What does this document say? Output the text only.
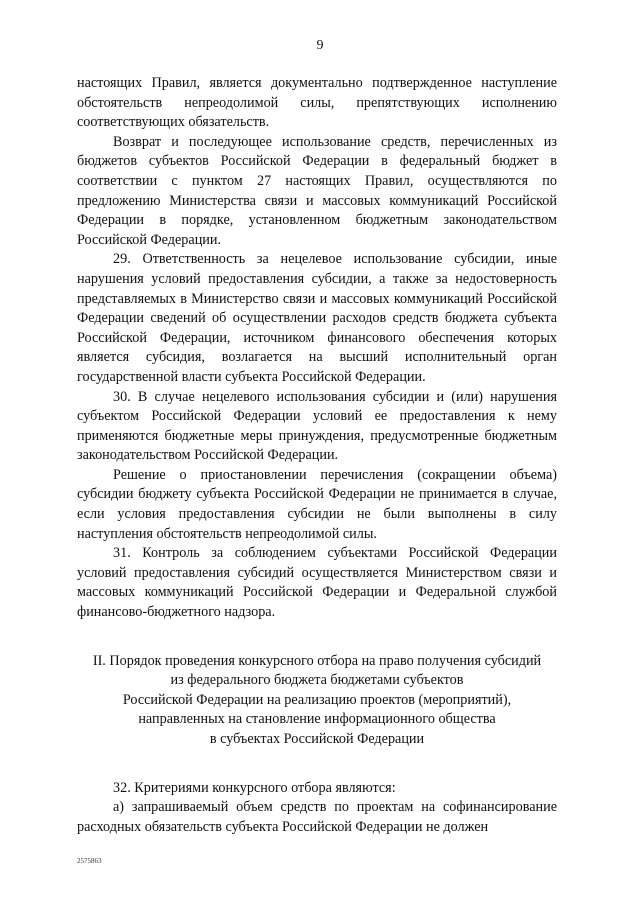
9

настоящих Правил, является документально подтвержденное наступление обстоятельств непреодолимой силы, препятствующих исполнению соответствующих обязательств.

Возврат и последующее использование средств, перечисленных из бюджетов субъектов Российской Федерации в федеральный бюджет в соответствии с пунктом 27 настоящих Правил, осуществляются по предложению Министерства связи и массовых коммуникаций Российской Федерации в порядке, установленном бюджетным законодательством Российской Федерации.

29. Ответственность за нецелевое использование субсидии, иные нарушения условий предоставления субсидии, а также за недостоверность представляемых в Министерство связи и массовых коммуникаций Российской Федерации сведений об осуществлении расходов средств бюджета субъекта Российской Федерации, источником финансового обеспечения которых является субсидия, возлагается на высший исполнительный орган государственной власти субъекта Российской Федерации.

30. В случае нецелевого использования субсидии и (или) нарушения субъектом Российской Федерации условий ее предоставления к нему применяются бюджетные меры принуждения, предусмотренные бюджетным законодательством Российской Федерации.

Решение о приостановлении перечисления (сокращении объема) субсидии бюджету субъекта Российской Федерации не принимается в случае, если условия предоставления субсидии не были выполнены в силу наступления обстоятельств непреодолимой силы.

31. Контроль за соблюдением субъектами Российской Федерации условий предоставления субсидий осуществляется Министерством связи и массовых коммуникаций Российской Федерации и Федеральной службой финансово-бюджетного надзора.

II. Порядок проведения конкурсного отбора на право получения субсидий
из федерального бюджета бюджетами субъектов
Российской Федерации на реализацию проектов (мероприятий),
направленных на становление информационного общества
в субъектах Российской Федерации

32. Критериями конкурсного отбора являются:

а) запрашиваемый объем средств по проектам на софинансирование расходных обязательств субъекта Российской Федерации не должен

2575863
